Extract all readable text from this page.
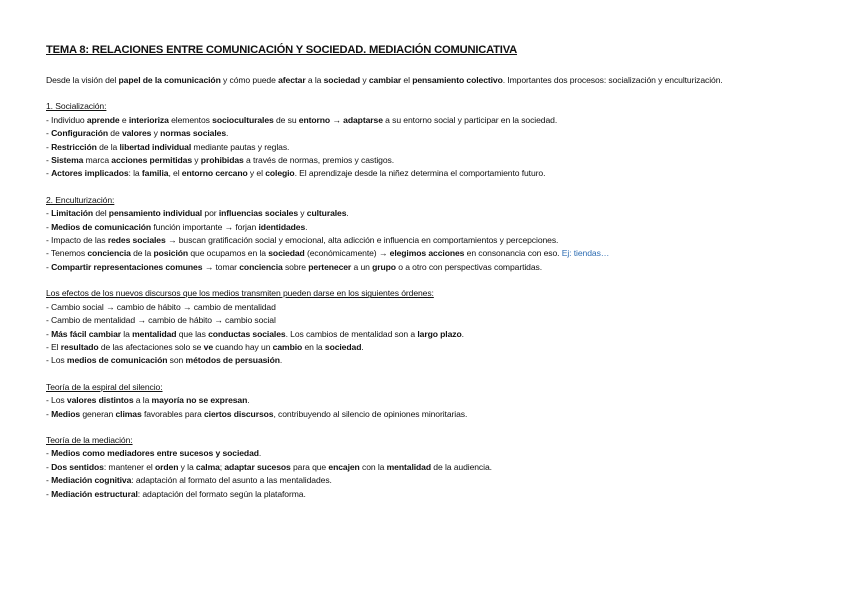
TEMA 8: RELACIONES ENTRE COMUNICACIÓN Y SOCIEDAD. MEDIACIÓN COMUNICATIVA
Desde la visión del papel de la comunicación y cómo puede afectar a la sociedad y cambiar el pensamiento colectivo. Importantes dos procesos: socialización y enculturización.
1. Socialización:
- Individuo aprende e interioriza elementos socioculturales de su entorno → adaptarse a su entorno social y participar en la sociedad.
- Configuración de valores y normas sociales.
- Restricción de la libertad individual mediante pautas y reglas.
- Sistema marca acciones permitidas y prohibidas a través de normas, premios y castigos.
- Actores implicados: la familia, el entorno cercano y el colegio. El aprendizaje desde la niñez determina el comportamiento futuro.
2. Enculturización:
- Limitación del pensamiento individual por influencias sociales y culturales.
- Medios de comunicación función importante → forjan identidades.
- Impacto de las redes sociales → buscan gratificación social y emocional, alta adicción e influencia en comportamientos y percepciones.
- Tenemos conciencia de la posición que ocupamos en la sociedad (económicamente) → elegimos acciones en consonancia con eso. Ej: tiendas…
- Compartir representaciones comunes → tomar conciencia sobre pertenecer a un grupo o a otro con perspectivas compartidas.
Los efectos de los nuevos discursos que los medios transmiten pueden darse en los siguientes órdenes:
- Cambio social → cambio de hábito → cambio de mentalidad
- Cambio de mentalidad → cambio de hábito → cambio social
- Más fácil cambiar la mentalidad que las conductas sociales. Los cambios de mentalidad son a largo plazo.
- El resultado de las afectaciones solo se ve cuando hay un cambio en la sociedad.
- Los medios de comunicación son métodos de persuasión.
Teoría de la espiral del silencio:
- Los valores distintos a la mayoría no se expresan.
- Medios generan climas favorables para ciertos discursos, contribuyendo al silencio de opiniones minoritarias.
Teoría de la mediación:
- Medios como mediadores entre sucesos y sociedad.
- Dos sentidos: mantener el orden y la calma; adaptar sucesos para que encajen con la mentalidad de la audiencia.
- Mediación cognitiva: adaptación al formato del asunto a las mentalidades.
- Mediación estructural: adaptación del formato según la plataforma.
